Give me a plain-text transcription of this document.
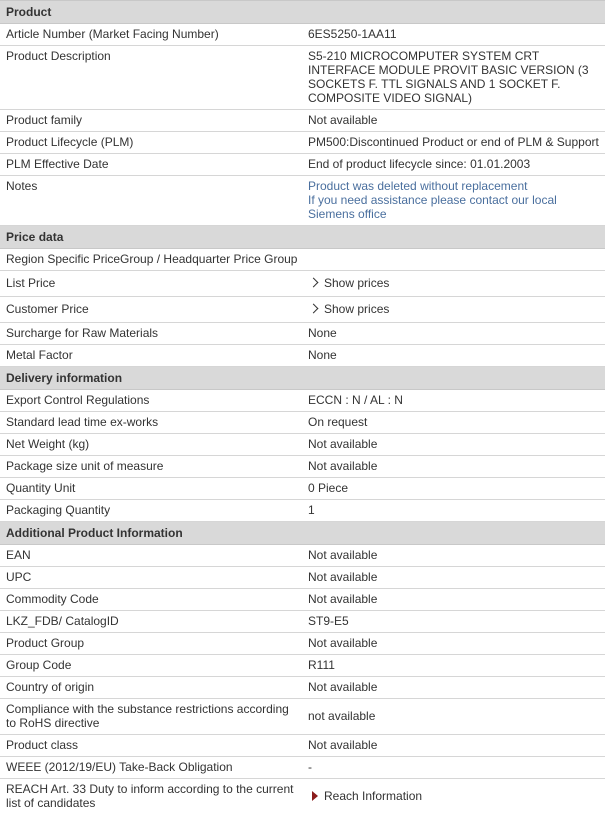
Product	
Article Number (Market Facing Number)	6ES5250-1AA11
Product Description	S5-210 MICROCOMPUTER SYSTEM CRT INTERFACE MODULE PROVIT BASIC VERSION (3 SOCKETS F. TTL SIGNALS AND 1 SOCKET F. COMPOSITE VIDEO SIGNAL)
Product family	Not available
Product Lifecycle (PLM)	PM500:Discontinued Product or end of PLM & Support
PLM Effective Date	End of product lifecycle since: 01.01.2003
Notes	Product was deleted without replacement
If you need assistance please contact our local Siemens office
Price data	
Region Specific PriceGroup / Headquarter Price Group	
List Price	Show prices
Customer Price	Show prices
Surcharge for Raw Materials	None
Metal Factor	None
Delivery information	
Export Control Regulations	ECCN : N / AL : N
Standard lead time ex-works	On request
Net Weight (kg)	Not available
Package size unit of measure	Not available
Quantity Unit	0 Piece
Packaging Quantity	1
Additional Product Information	
EAN	Not available
UPC	Not available
Commodity Code	Not available
LKZ_FDB/ CatalogID	ST9-E5
Product Group	Not available
Group Code	R111
Country of origin	Not available
Compliance with the substance restrictions according to RoHS directive	not available
Product class	Not available
WEEE (2012/19/EU) Take-Back Obligation	-
REACH Art. 33 Duty to inform according to the current list of candidates	Reach Information
